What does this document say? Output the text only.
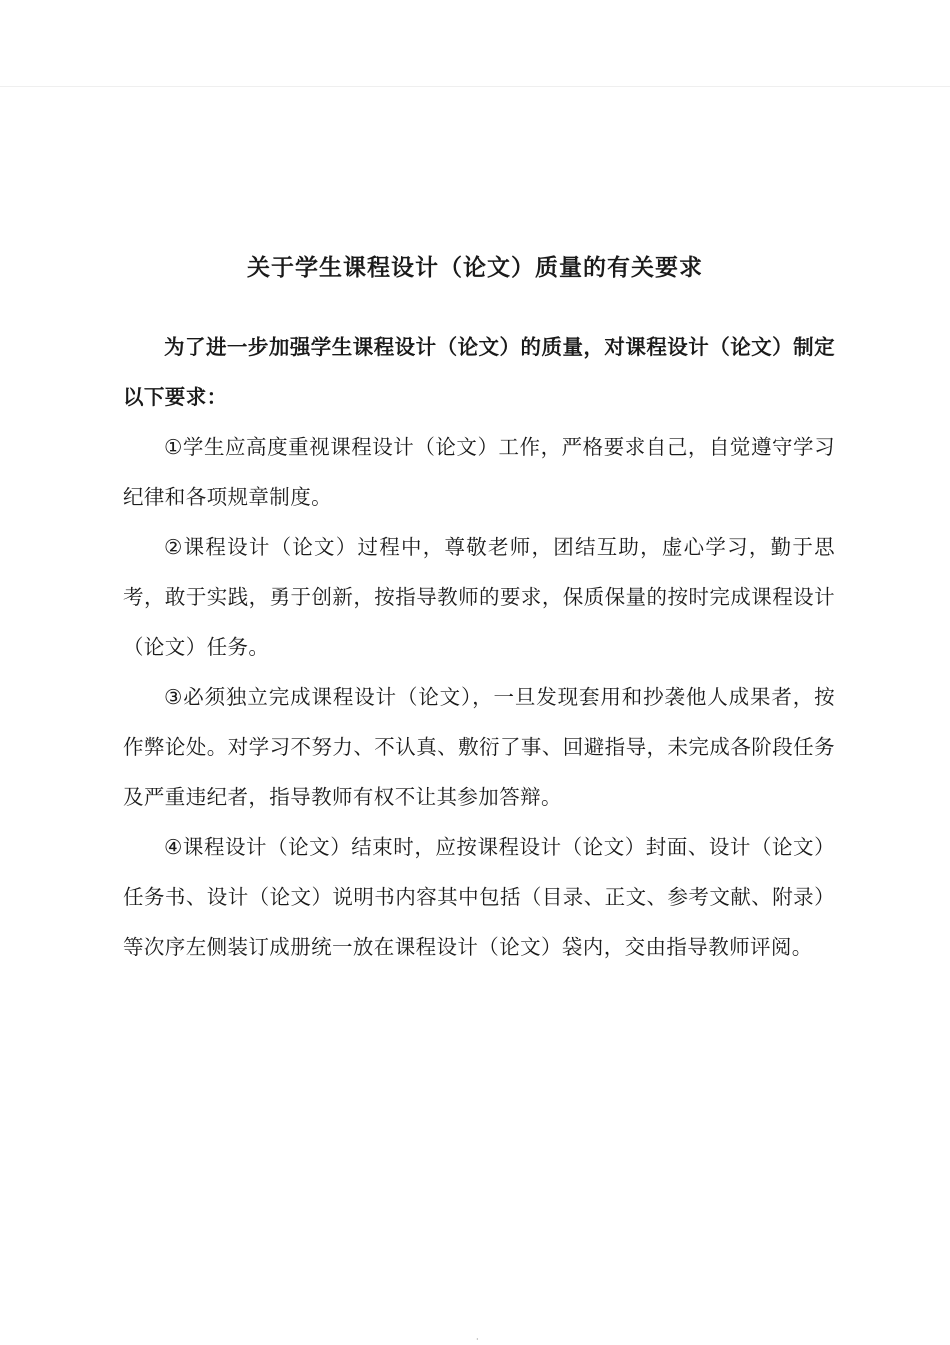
关于学生课程设计（论文）质量的有关要求

为了进一步加强学生课程设计（论文）的质量，对课程设计（论文）制定以下要求：

①学生应高度重视课程设计（论文）工作，严格要求自己，自觉遵守学习纪律和各项规章制度。

②课程设计（论文）过程中，尊敬老师，团结互助，虚心学习，勤于思考，敢于实践，勇于创新，按指导教师的要求，保质保量的按时完成课程设计（论文）任务。

③必须独立完成课程设计（论文），一旦发现套用和抄袭他人成果者，按作弊论处。对学习不努力、不认真、敷衍了事、回避指导，未完成各阶段任务及严重违纪者，指导教师有权不让其参加答辩。

④课程设计（论文）结束时，应按课程设计（论文）封面、设计（论文）任务书、设计（论文）说明书内容其中包括（目录、正文、参考文献、附录）等次序左侧装订成册统一放在课程设计（论文）袋内，交由指导教师评阅。

·
